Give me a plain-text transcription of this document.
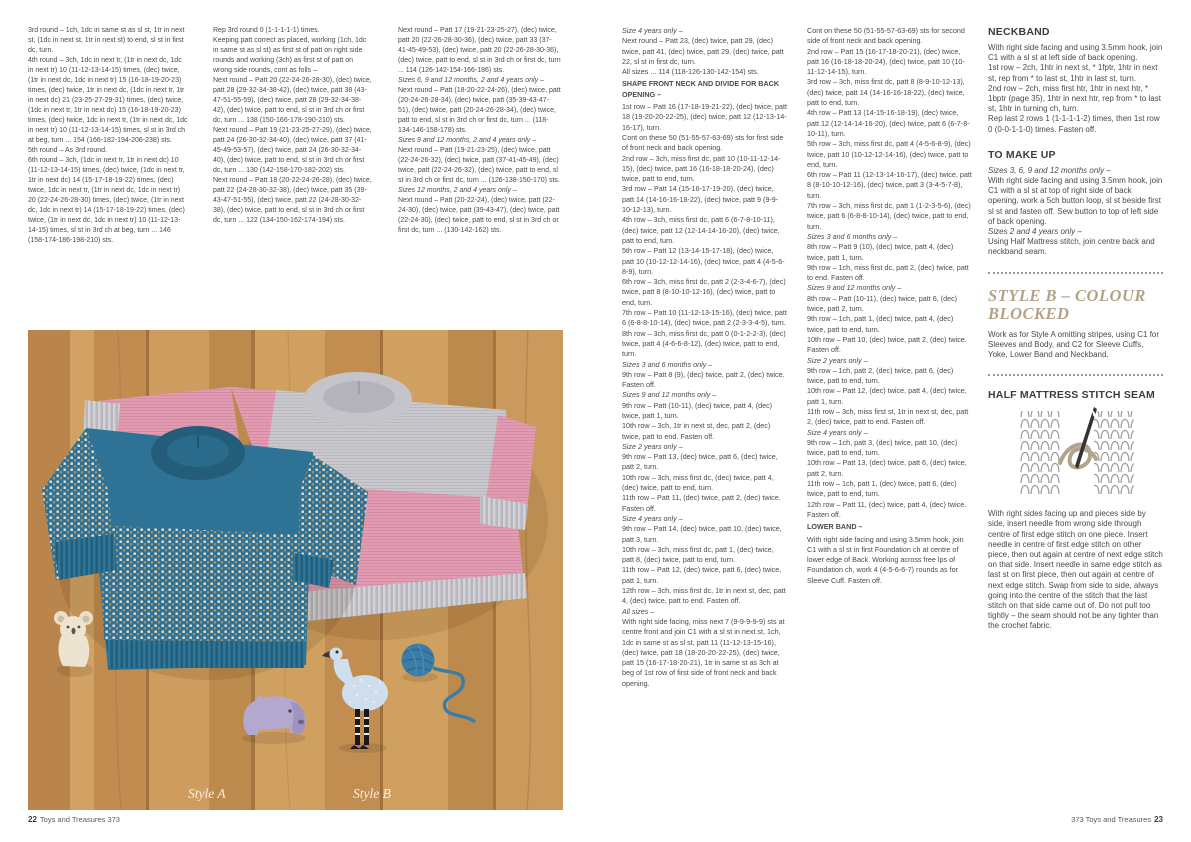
3rd round – 1ch, 1dc in same st as sl st, 1tr in next st, (1dc in next st, 1tr in next st) to end, sl st in first dc, turn.

4th round – 3ch, 1dc in next tr, (1tr in next dc, 1dc in next tr) 10 (11-12-13-14-15) times, (dec) twice, (1tr in next dc, 1dc in next tr) 15 (16-18-19-20-23) times, (dec) twice, 1tr in next dc, (1dc in next tr, 1tr in next dc) 21 (23-25-27-29-31) times, (dec) twice, (1dc in next tr, 1tr in next dc) 15 (16-18-19-20-23) times, (dec) twice, 1dc in next tr, (1tr in next dc, 1dc in next tr) 10 (11-12-13-14-15) times, sl st in 3rd ch at beg, turn ... 154 (166-182-194-206-238) sts.

5th round – As 3rd round.

6th round – 3ch, (1dc in next tr, 1tr in next dc) 10 (11-12-13-14-15) times, (dec) twice, (1dc in next tr, 1tr in next dc) 14 (15-17-18-19-22) times, (dec) twice, 1dc in next tr, (1tr in next dc, 1dc in next tr) 20 (22-24-26-28-30) times, (dec) twice, (1tr in next dc, 1dc in next tr) 14 (15-17-18-19-22) times, (dec) twice, (1tr in next dc, 1dc in next tr) 10 (11-12-13-14-15) times, sl st in 3rd ch at beg, turn ... 146 (158-174-186-198-210) sts.

Rep 3rd round 0 (1-1-1-1-1) times.

Keeping patt correct as placed, working (1ch, 1dc in same st as sl st) as first st of patt on right side rounds and working (3ch) as first st of patt on wrong side rounds, cont as folls –

Next round – Patt 20 (22-24-26-28-30), (dec) twice, patt 28 (29-32-34-38-42), (dec) twice, patt 38 (43-47-51-55-59), (dec) twice, patt 28 (29-32-34-38-42), (dec) twice, patt to end, sl st in 3rd ch or first dc, turn ... 138 (150-166-178-190-210) sts.

Next round – Patt 19 (21-23-25-27-29), (dec) twice, patt 24 (26-30-32-34-40), (dec) twice, patt 37 (41-45-49-53-57), (dec) twice, patt 24 (26-30-32-34-40), (dec) twice, patt to end, sl st in 3rd ch or first dc, turn ... 130 (142-158-170-182-202) sts.

Next round – Patt 18 (20-22-24-26-28), (dec) twice, patt 22 (24-28-30-32-38), (dec) twice, patt 35 (39-43-47-51-55), (dec) twice, patt 22 (24-28-30-32-38), (dec) twice, patt to end, sl st in 3rd ch or first dc, turn ... 122 (134-150-162-174-194) sts.

Next round – Patt 17 (19-21-23-25-27), (dec) twice, patt 20 (22-26-28-30-36), (dec) twice, patt 33 (37-41-45-49-53), (dec) twice, patt 20 (22-26-28-30-36), (dec) twice, patt to end, sl st in 3rd ch or first dc, turn ... 114 (126-142-154-166-186) sts.

Sizes 6, 9 and 12 months, 2 and 4 years only –

Next round – Patt (18-20-22-24-26), (dec) twice, patt (20-24-26-28-34), (dec) twice, patt (35-39-43-47-51), (dec) twice, patt (20-24-26-28-34), (dec) twice, patt to end, sl st in 3rd ch or first dc, turn ... (118-134-146-158-178) sts.

Sizes 9 and 12 months, 2 and 4 years only –

Next round – Patt (19-21-23-25), (dec) twice, patt (22-24-26-32), (dec) twice, patt (37-41-45-49), (dec) twice, patt (22-24-26-32), (dec) twice, patt to end, sl st in 3rd ch or first dc, turn ... (126-138-150-170) sts.

Sizes 12 months, 2 and 4 years only –

Next round – Patt (20-22-24), (dec) twice, patt (22-24-30), (dec) twice, patt (39-43-47), (dec) twice, patt (22-24-30), (dec) twice, patt to end, sl st in 3rd ch or first dc, turn ... (130-142-162) sts.

Style A	Style B
22 Toys and Treasures 373

Size 4 years only –

Next round – Patt 23, (dec) twice, patt 29, (dec) twice, patt 41, (dec) twice, patt 29, (dec) twice, patt 22, sl st in first dc, turn.

All sizes ... 114 (118-126-130-142-154) sts.

SHAPE FRONT NECK AND DIVIDE FOR BACK OPENING –

1st row – Patt 16 (17-18-19-21-22), (dec) twice, patt 18 (19-20-20-22-25), (dec) twice, patt 12 (12-13-14-16-17), turn.

Cont on these 50 (51-55-57-63-69) sts for first side of front neck and back opening.

2nd row – 3ch, miss first dc, patt 10 (10-11-12-14-15), (dec) twice, patt 16 (16-18-18-20-24), (dec) twice, patt to end, turn.

3rd row – Patt 14 (15-16-17-19-20), (dec) twice, patt 14 (14-16-16-18-22), (dec) twice, patt 9 (9-9-10-12-13), turn.

4th row – 3ch, miss first dc, patt 6 (6-7-8-10-11), (dec) twice, patt 12 (12-14-14-16-20), (dec) twice, patt to end, turn.

5th row – Patt 12 (13-14-15-17-18), (dec) twice, patt 10 (10-12-12-14-16), (dec) twice, patt 4 (4-5-6-8-9), turn.

6th row – 3ch, miss first dc, patt 2 (2-3-4-6-7), (dec) twice, patt 8 (8-10-10-12-16), (dec) twice, patt to end, turn.

7th row – Patt 10 (11-12-13-15-16), (dec) twice, patt 6 (6-8-8-10-14), (dec) twice, patt 2 (2-3-3-4-5), turn.

8th row – 3ch, miss first dc, patt 0 (0-1-2-2-3), (dec) twice, patt 4 (4-6-6-8-12), (dec) twice, patt to end, turn.

Sizes 3 and 6 months only –

9th row – Patt 8 (9), (dec) twice, patt 2, (dec) twice. Fasten off.

Sizes 9 and 12 months only –

9th row – Patt (10-11), (dec) twice, patt 4, (dec) twice, patt 1, turn.

10th row – 3ch, 1tr in next st, dec, patt 2, (dec) twice, patt to end. Fasten off.

Size 2 years only –

9th row – Patt 13, (dec) twice, patt 6, (dec) twice, patt 2, turn.

10th row – 3ch, miss first dc, (dec) twice, patt 4, (dec) twice, patt to end, turn.

11th row – Patt 11, (dec) twice, patt 2, (dec) twice. Fasten off.

Size 4 years only –

9th row – Patt 14, (dec) twice, patt 10, (dec) twice, patt 3, turn.

10th row – 3ch, miss first dc, patt 1, (dec) twice, patt 8, (dec) twice, patt to end, turn.

11th row – Patt 12, (dec) twice, patt 6, (dec) twice, patt 1, turn.

12th row – 3ch, miss first dc, 1tr in next st, dec, patt 4, (dec) twice, patt to end. Fasten off.

All sizes –

With right side facing, miss next 7 (9-9-9-9-9) sts at centre front and join C1 with a sl st in next st, 1ch, 1dc in same st as sl st, patt 11 (11-12-13-15-16), (dec) twice, patt 18 (18-20-20-22-25), (dec) twice, patt 15 (16-17-18-20-21), 1tr in same st as 3ch at beg of 1st row of first side of front neck and back opening.

Cont on these 50 (51-55-57-63-69) sts for second side of front neck and back opening.

2nd row – Patt 15 (16-17-18-20-21), (dec) twice, patt 16 (16-18-18-20-24), (dec) twice, patt 10 (10-11-12-14-15), turn.

3rd row – 3ch, miss first dc, patt 8 (8-9-10-12-13), (dec) twice, patt 14 (14-16-16-18-22), (dec) twice, patt to end, turn.

4th row – Patt 13 (14-15-16-18-19), (dec) twice, patt 12 (12-14-14-16-20), (dec) twice, patt 6 (6-7-8-10-11), turn.

5th row – 3ch, miss first dc, patt 4 (4-5-6-8-9), (dec) twice, patt 10 (10-12-12-14-16), (dec) twice, patt to end, turn.

6th row – Patt 11 (12-13-14-16-17), (dec) twice, patt 8 (8-10-10-12-16), (dec) twice, patt 3 (3-4-5-7-8), turn.

7th row – 3ch, miss first dc, patt 1 (1-2-3-5-6), (dec) twice, patt 6 (6-8-8-10-14), (dec) twice, patt to end, turn.

Sizes 3 and 6 months only –

8th row – Patt 9 (10), (dec) twice, patt 4, (dec) twice, patt 1, turn.

9th row – 1ch, miss first dc, patt 2, (dec) twice, patt to end. Fasten off.

Sizes 9 and 12 months only –

8th row – Patt (10-11), (dec) twice, patt 6, (dec) twice, patt 2, turn.

9th row – 1ch, patt 1, (dec) twice, patt 4, (dec) twice, patt to end, turn.

10th row – Patt 10, (dec) twice, patt 2, (dec) twice. Fasten off.

Size 2 years only –

9th row – 1ch, patt 2, (dec) twice, patt 6, (dec) twice, patt to end, turn.

10th row – Patt 12, (dec) twice, patt 4, (dec) twice, patt 1, turn.

11th row – 3ch, miss first st, 1tr in next st, dec, patt 2, (dec) twice, patt to end. Fasten off.

Size 4 years only –

9th row – 1ch, patt 3, (dec) twice, patt 10, (dec) twice, patt to end, turn.

10th row – Patt 13, (dec) twice, patt 6, (dec) twice, patt 2, turn.

11th row – 1ch, patt 1, (dec) twice, patt 6, (dec) twice, patt to end, turn.

12th row – Patt 11, (dec) twice, patt 4, (dec) twice. Fasten off.

LOWER BAND –

With right side facing and using 3.5mm hook, join C1 with a sl st in first Foundation ch at centre of lower edge of Back. Working across free lps of Foundation ch, work 4 (4-5-6-6-7) rounds as for Sleeve Cuff. Fasten off.

NECKBAND

With right side facing and using 3.5mm hook, join C1 with a sl st at left side of back opening.

1st row – 2ch, 1htr in next st, * 1fptr, 1htr in next st, rep from * to last st, 1htr in last st, turn.

2nd row – 2ch, miss first htr, 1htr in next htr, * 1bptr (page 35), 1htr in next htr, rep from * to last st, 1htr in turning ch, turn.

Rep last 2 rows 1 (1-1-1-1-2) times, then 1st row 0 (0-0-1-1-0) times. Fasten off.

TO MAKE UP

Sizes 3, 6, 9 and 12 months only –

With right side facing and using 3.5mm hook, join C1 with a sl st at top of right side of back opening, work a 5ch button loop, sl st beside first sl st and fasten off. Sew button to top of left side of back opening.

Sizes 2 and 4 years only –

Using Half Mattress stitch, join centre back and neckband seam.

STYLE B – COLOUR BLOCKED

Work as for Style A omitting stripes, using C1 for Sleeves and Body, and C2 for Sleeve Cuffs, Yoke, Lower Band and Neckband.

HALF MATTRESS STITCH SEAM

With right sides facing up and pieces side by side, insert needle from wrong side through centre of first edge stitch on one piece. Insert needle in centre of first edge stitch on other piece, then out again at centre of next edge stitch on that side. Insert needle in same edge stitch as last st on first piece, then out again at centre of next edge stitch. Swap from side to side, always going into the centre of the stitch that the last stitch on that side came out of. Do not pull too tightly – the seam should not be any tighter than the crochet fabric.

373 Toys and Treasures 23
